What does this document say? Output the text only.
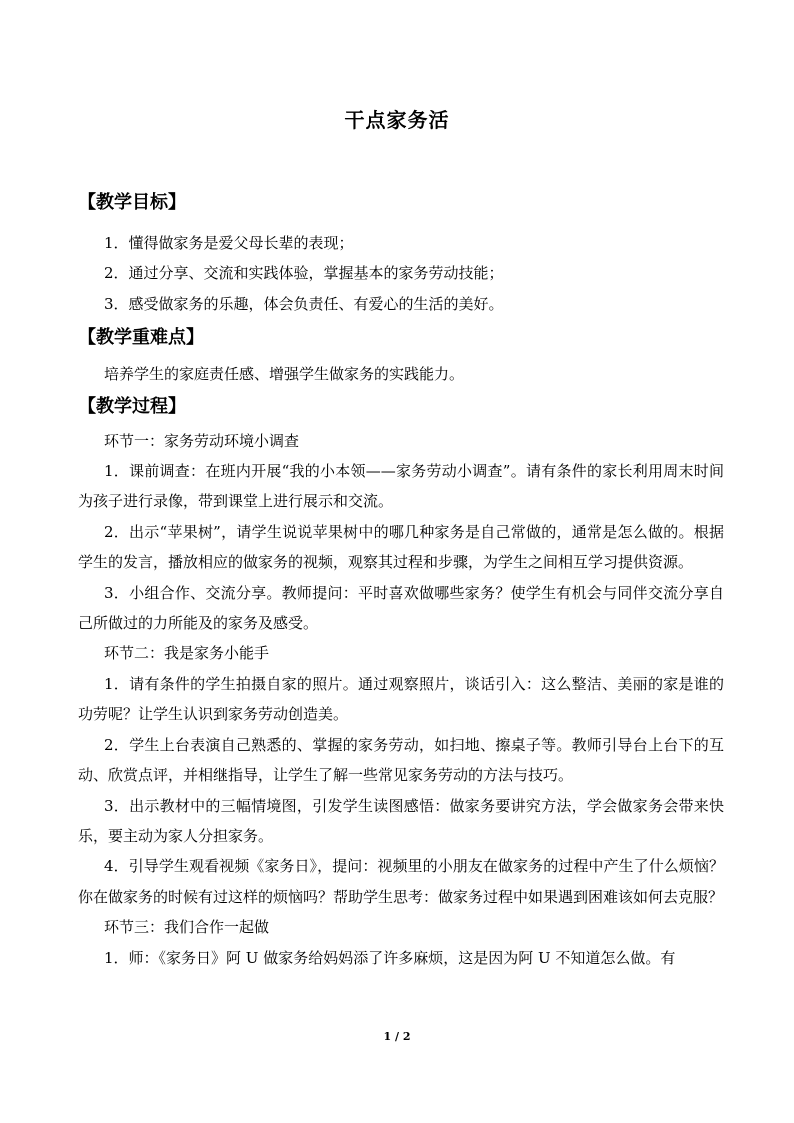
干点家务活
【教学目标】

1．懂得做家务是爱父母长辈的表现；

2．通过分享、交流和实践体验，掌握基本的家务劳动技能；

3．感受做家务的乐趣，体会负责任、有爱心的生活的美好。

【教学重难点】

培养学生的家庭责任感、增强学生做家务的实践能力。

【教学过程】

环节一：家务劳动环境小调查

1．课前调查：在班内开展“我的小本领——家务劳动小调查”。请有条件的家长利用周末时间为孩子进行录像，带到课堂上进行展示和交流。

2．出示“苹果树”，请学生说说苹果树中的哪几种家务是自己常做的，通常是怎么做的。根据学生的发言，播放相应的做家务的视频，观察其过程和步骤，为学生之间相互学习提供资源。

3．小组合作、交流分享。教师提问：平时喜欢做哪些家务？使学生有机会与同伴交流分享自己所做过的力所能及的家务及感受。

环节二：我是家务小能手

1．请有条件的学生拍摄自家的照片。通过观察照片，谈话引入：这么整洁、美丽的家是谁的功劳呢？让学生认识到家务劳动创造美。

2．学生上台表演自己熟悉的、掌握的家务劳动，如扫地、擦桌子等。教师引导台上台下的互动、欣赏点评，并相继指导，让学生了解一些常见家务劳动的方法与技巧。

3．出示教材中的三幅情境图，引发学生读图感悟：做家务要讲究方法，学会做家务会带来快乐，要主动为家人分担家务。

4．引导学生观看视频《家务日》，提问：视频里的小朋友在做家务的过程中产生了什么烦恼？你在做家务的时候有过这样的烦恼吗？帮助学生思考：做家务过程中如果遇到困难该如何去克服？

环节三：我们合作一起做

1．师：《家务日》阿 U 做家务给妈妈添了许多麻烦，这是因为阿 U 不知道怎么做。有

1 / 2
